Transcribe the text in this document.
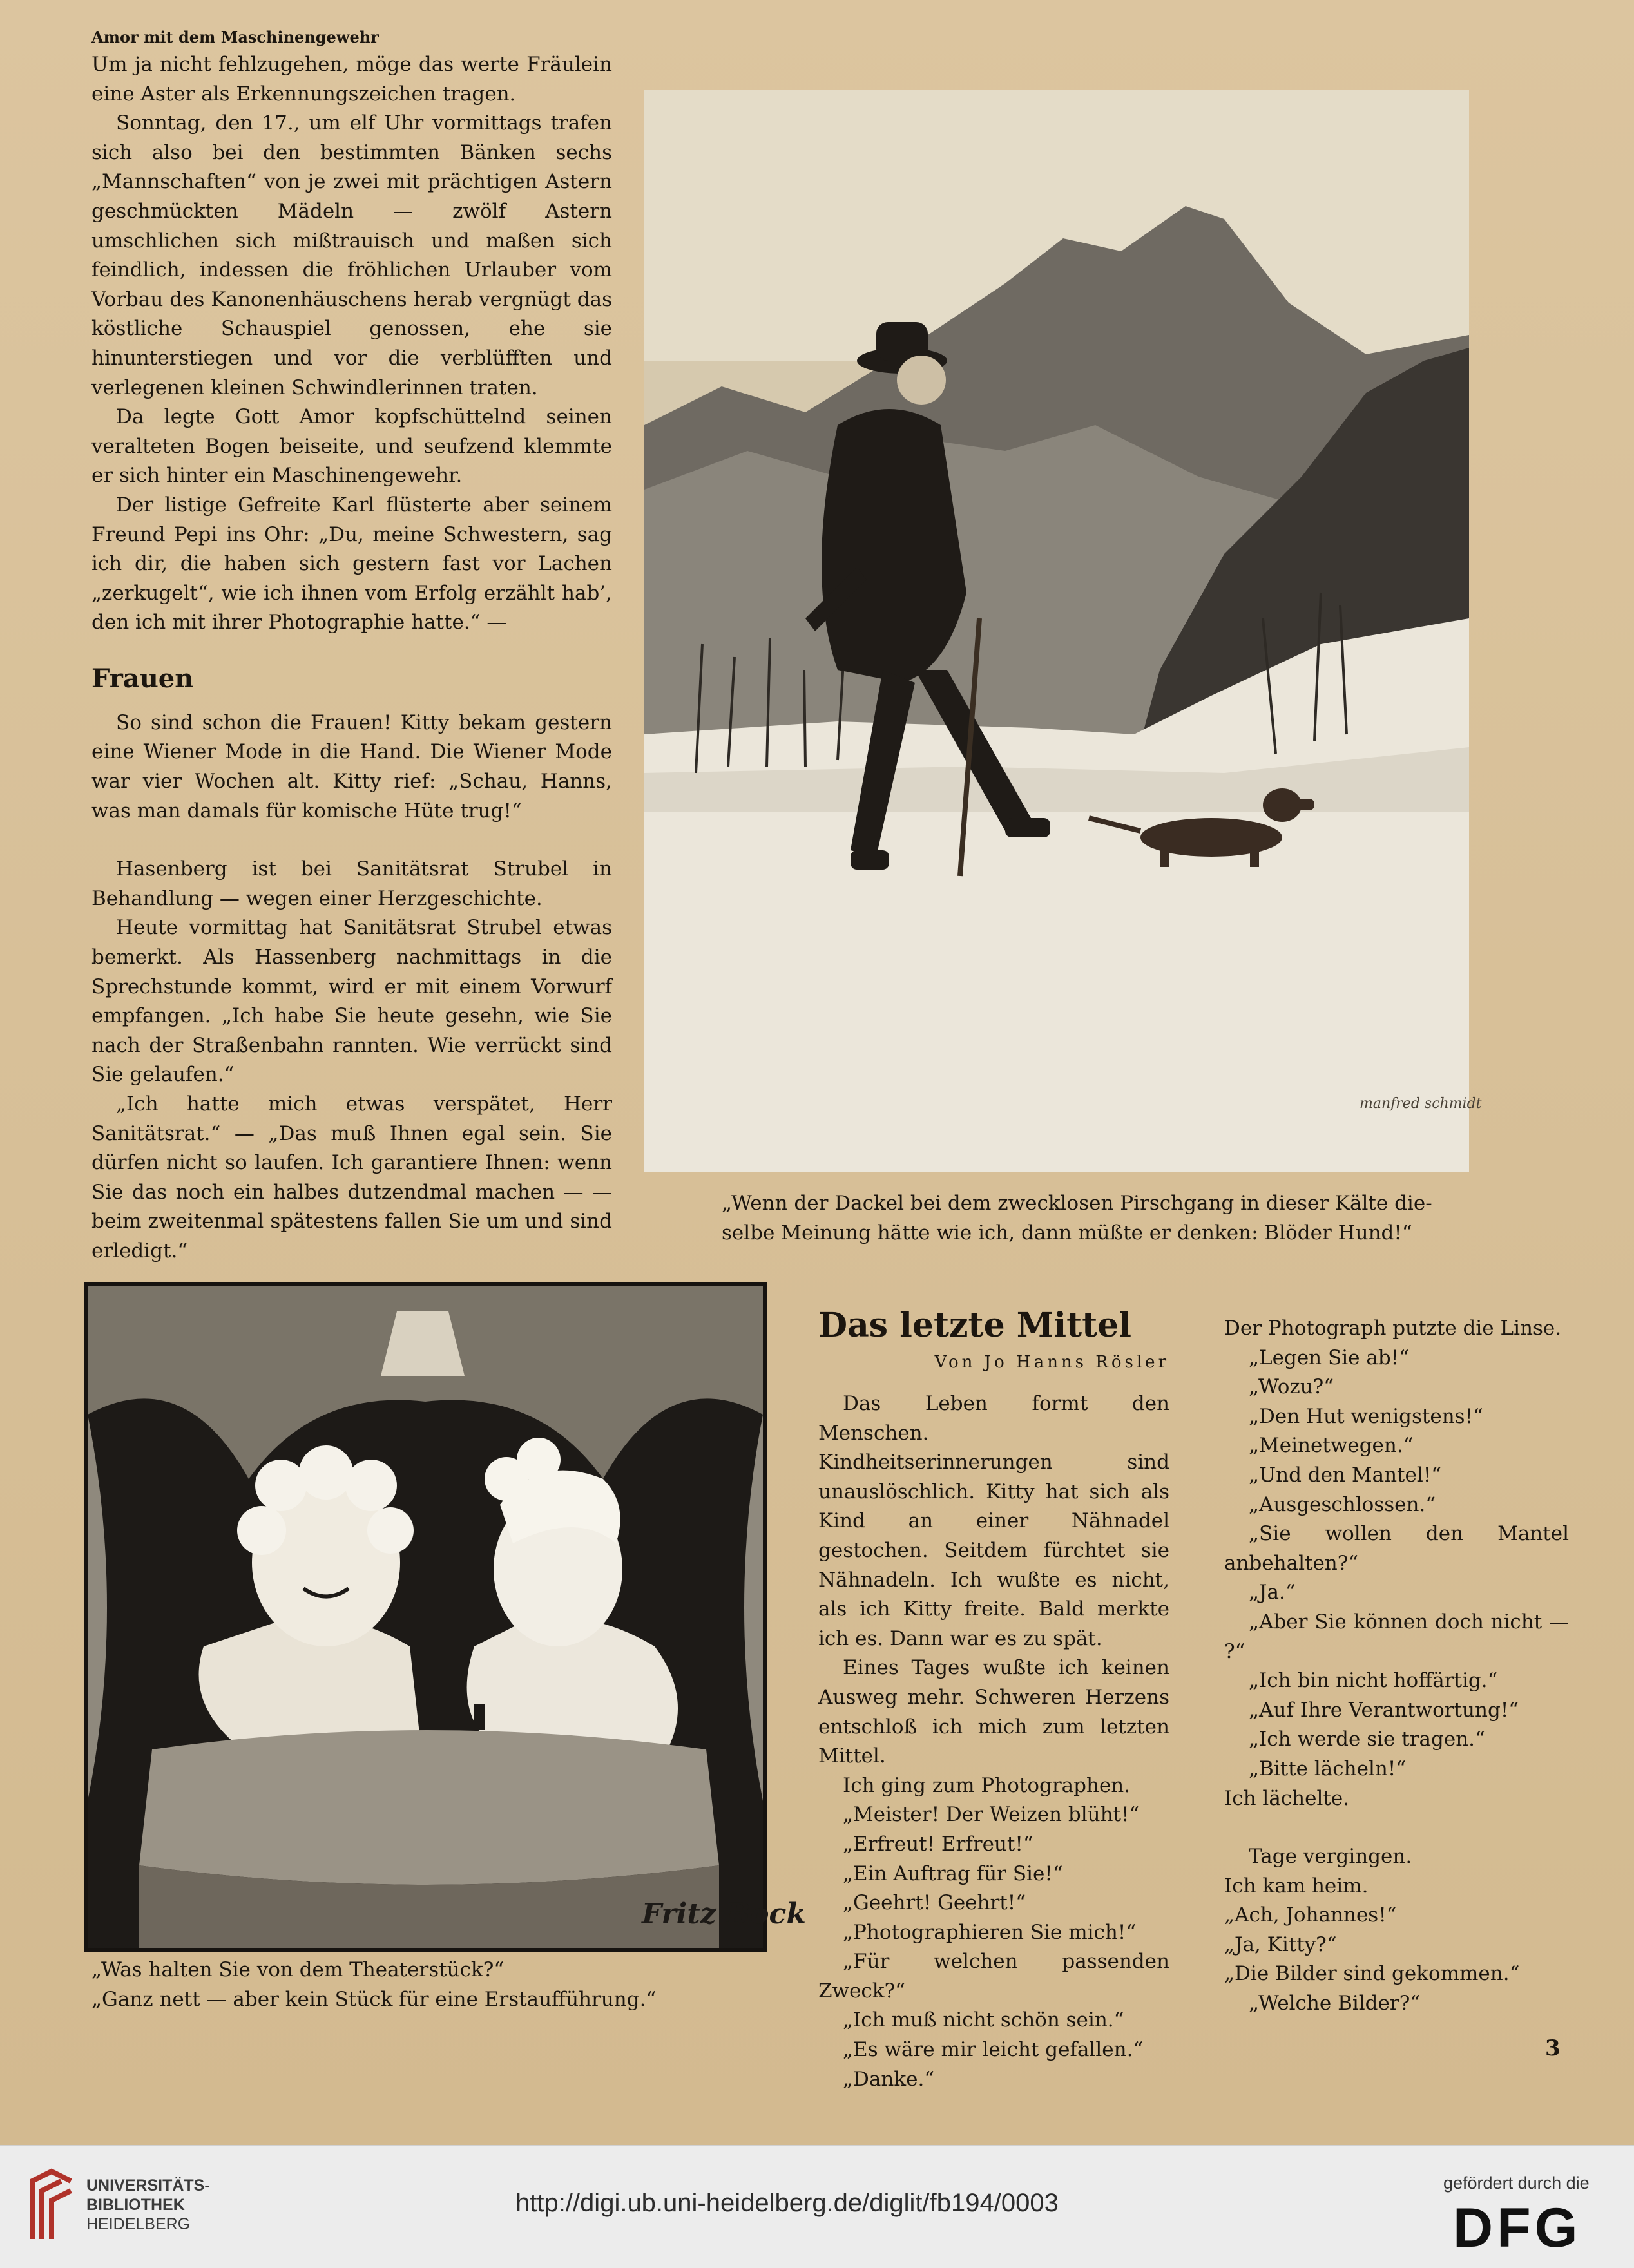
Amor mit dem Maschinengewehr

Um ja nicht fehlzugehen, möge das werte Fräulein eine Aster als Erkennungszeichen tragen.

Sonntag, den 17., um elf Uhr vormittags trafen sich also bei den bestimmten Bänken sechs „Mannschaften“ von je zwei mit prächtigen Astern geschmückten Mädeln — zwölf Astern umschlichen sich mißtrauisch und maßen sich feindlich, indessen die fröhlichen Urlauber vom Vorbau des Kanonenhäuschens herab vergnügt das köstliche Schauspiel genossen, ehe sie hinunterstiegen und vor die verblüfften und verlegenen kleinen Schwindlerinnen traten.

Da legte Gott Amor kopfschüttelnd seinen veralteten Bogen beiseite, und seufzend klemmte er sich hinter ein Maschinengewehr.

Der listige Gefreite Karl flüsterte aber seinem Freund Pepi ins Ohr: „Du, meine Schwestern, sag ich dir, die haben sich gestern fast vor Lachen „zerkugelt“, wie ich ihnen vom Erfolg erzählt hab’, den ich mit ihrer Photographie hatte.“ —

Frauen

So sind schon die Frauen! Kitty bekam gestern eine Wiener Mode in die Hand. Die Wiener Mode war vier Wochen alt. Kitty rief: „Schau, Hanns, was man damals für komische Hüte trug!“

Hasenberg ist bei Sanitätsrat Strubel in Behandlung — wegen einer Herzgeschichte.

Heute vormittag hat Sanitätsrat Strubel etwas bemerkt. Als Hassenberg nachmittags in die Sprechstunde kommt, wird er mit einem Vorwurf empfangen. „Ich habe Sie heute gesehn, wie Sie nach der Straßenbahn rannten. Wie verrückt sind Sie gelaufen.“

„Ich hatte mich etwas verspätet, Herr Sanitätsrat.“ — „Das muß Ihnen egal sein. Sie dürfen nicht so laufen. Ich garantiere Ihnen: wenn Sie das noch ein halbes dutzendmal machen — — beim zweitenmal spätestens fallen Sie um und sind erledigt.“

manfred schmidt
„Wenn der Dackel bei dem zwecklosen Pirschgang in dieser Kälte die-
selbe Meinung hätte wie ich, dann müßte er denken: Blöder Hund!“
Fritz Bock
„Was halten Sie von dem Theaterstück?“
„Ganz nett — aber kein Stück für eine Erstaufführung.“
Das letzte Mittel
Von Jo Hanns Rösler

Das Leben formt den Menschen. Kindheitserinnerungen sind unauslöschlich. Kitty hat sich als Kind an einer Nähnadel gestochen. Seitdem fürchtet sie Nähnadeln. Ich wußte es nicht, als ich Kitty freite. Bald merkte ich es. Dann war es zu spät.

Eines Tages wußte ich keinen Ausweg mehr. Schweren Herzens entschloß ich mich zum letzten Mittel.

Ich ging zum Photographen.

„Meister! Der Weizen blüht!“

„Erfreut! Erfreut!“

„Ein Auftrag für Sie!“

„Geehrt! Geehrt!“

„Photographieren Sie mich!“

„Für welchen passenden Zweck?“

„Ich muß nicht schön sein.“

„Es wäre mir leicht gefallen.“

„Danke.“

Der Photograph putzte die Linse.

„Legen Sie ab!“

„Wozu?“

„Den Hut wenigstens!“

„Meinetwegen.“

„Und den Mantel!“

„Ausgeschlossen.“

„Sie wollen den Mantel anbehalten?“

„Ja.“

„Aber Sie können doch nicht — ?“

„Ich bin nicht hoffärtig.“

„Auf Ihre Verantwortung!“

„Ich werde sie tragen.“

„Bitte lächeln!“

Ich lächelte.

Tage vergingen.

Ich kam heim.

„Ach, Johannes!“

„Ja, Kitty?“

„Die Bilder sind gekommen.“

„Welche Bilder?“

3
UNIVERSITÄTS-
BIBLIOTHEK
HEIDELBERG
http://digi.ub.uni-heidelberg.de/diglit/fb194/0003
gefördert durch die
DFG
